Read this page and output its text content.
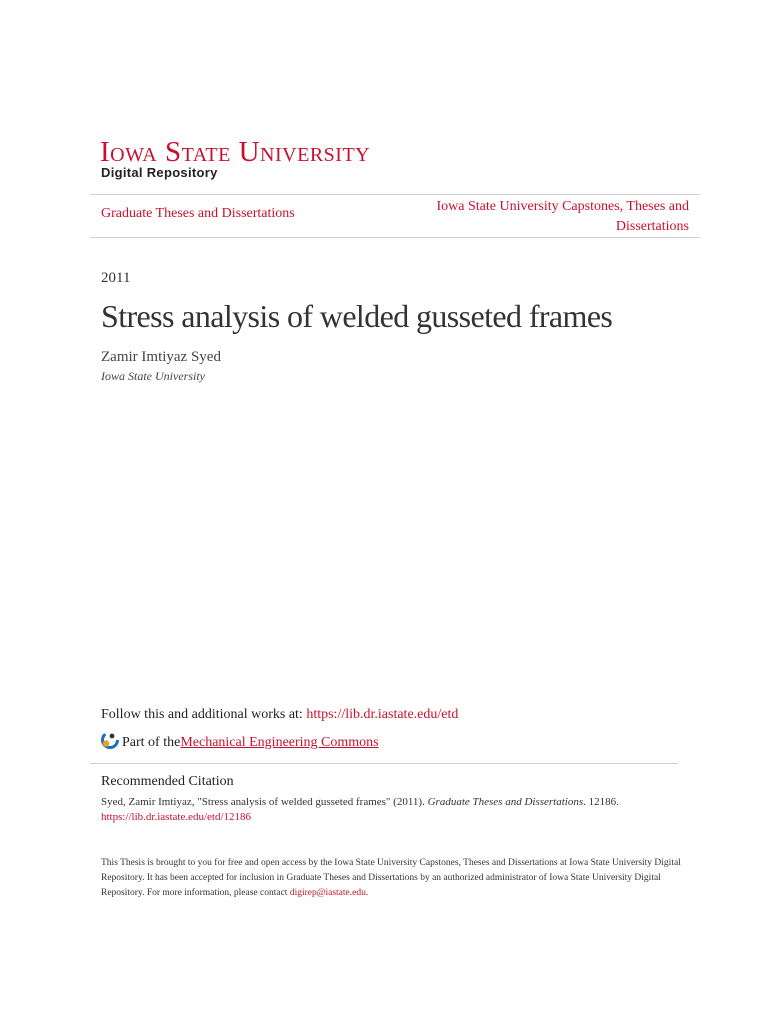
Iowa State University
Digital Repository
Graduate Theses and Dissertations	Iowa State University Capstones, Theses and Dissertations
2011
Stress analysis of welded gusseted frames
Zamir Imtiyaz Syed
Iowa State University
Follow this and additional works at: https://lib.dr.iastate.edu/etd
Part of the Mechanical Engineering Commons
Recommended Citation
Syed, Zamir Imtiyaz, "Stress analysis of welded gusseted frames" (2011). Graduate Theses and Dissertations. 12186.
https://lib.dr.iastate.edu/etd/12186
This Thesis is brought to you for free and open access by the Iowa State University Capstones, Theses and Dissertations at Iowa State University Digital Repository. It has been accepted for inclusion in Graduate Theses and Dissertations by an authorized administrator of Iowa State University Digital Repository. For more information, please contact digirep@iastate.edu.
